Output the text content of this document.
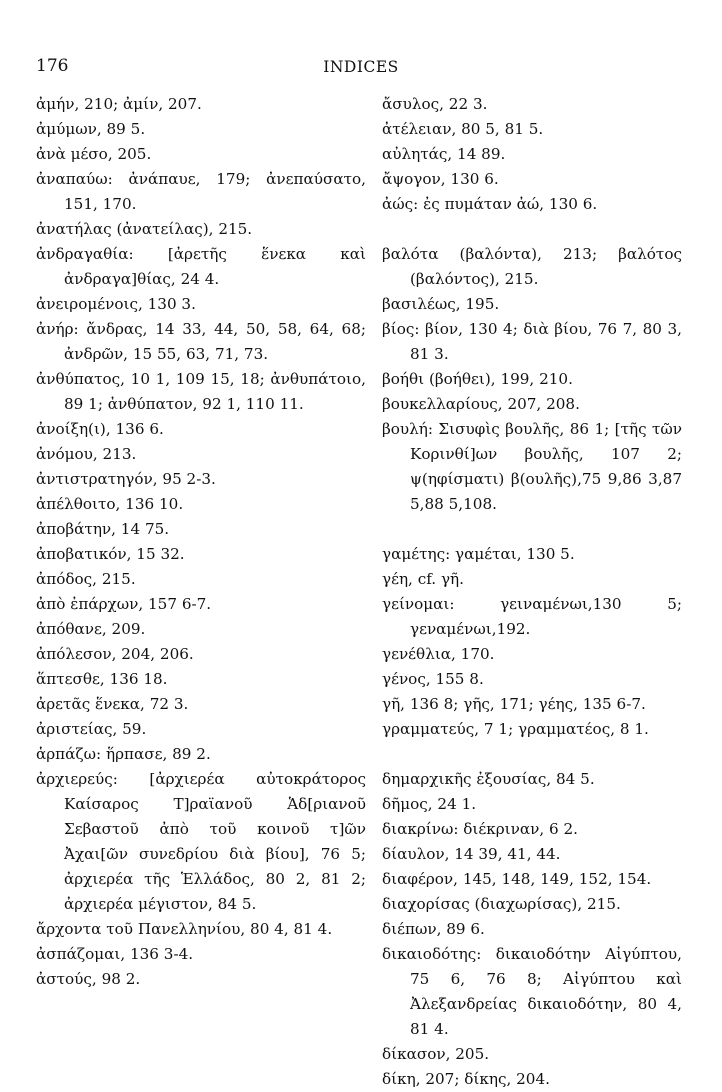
176	INDICES

ἀμήν, 210; ἀμίν, 207.

ἀμύμων, 89 5.

ἀνὰ μέσο, 205.

ἀναπαύω: ἀνάπαυε, 179; ἀνεπαύσατο, 151, 170.

ἀνατήλας (ἀνατείλας), 215.

ἀνδραγαθία: [ἀρετῆς ἕνεκα καὶ ἀνδραγα]θίας, 24 4.

ἀνειρομένοις, 130 3.

ἀνήρ: ἄνδρας, 14 33, 44, 50, 58, 64, 68; ἀνδρῶν, 15 55, 63, 71, 73.

ἀνθύπατος, 10 1, 109 15, 18; ἀνθυπάτοιο, 89 1; ἀνθύπατον, 92 1, 110 11.

ἀνοίξη(ι), 136 6.

ἀνόμου, 213.

ἀντιστρατηγόν, 95 2-3.

ἀπέλθοιτο, 136 10.

ἀποβάτην, 14 75.

ἀποβατικόν, 15 32.

ἀπόδος, 215.

ἀπὸ ἐπάρχων, 157 6-7.

ἀπόθανε, 209.

ἀπόλεσον, 204, 206.

ἅπτεσθε, 136 18.

ἀρετᾶς ἕνεκα, 72 3.

ἀριστείας, 59.

ἁρπάζω: ἥρπασε, 89 2.

ἀρχιερεύς: [ἀρχιερέα αὐτοκράτορος Καίσαρος Τ]ραϊανοῦ Ἁδ[ριανοῦ Σεβαστοῦ ἀπὸ τοῦ κοινοῦ τ]ῶν Ἀχαι[ῶν συνεδρίου διὰ βίου], 76 5; ἀρχιερέα τῆς Ἑλλάδος, 80 2, 81 2; ἀρχιερέα μέγιστον, 84 5.

ἄρχοντα τοῦ Πανελληνίου, 80 4, 81 4.

ἀσπάζομαι, 136 3-4.

ἀστούς, 98 2.

ἄσυλος, 22 3.

ἀτέλειαν, 80 5, 81 5.

αὐλητάς, 14 89.

ἄψογον, 130 6.

ἀώς: ἐς πυμάταν ἀώ, 130 6.

βαλότα (βαλόντα), 213; βαλότος (βαλόντος), 215.

βασιλέως, 195.

βίος: βίον, 130 4; διὰ βίου, 76 7, 80 3, 81 3.

βοήθι (βοήθει), 199, 210.

βουκελλαρίους, 207, 208.

βουλή: Σισυφὶς βουλῆς, 86 1; [τῆς τῶν Κορινθί]ων βουλῆς, 107 2; ψ(ηφίσματι) β(ουλῆς),75 9,86 3,87 5,88 5,108.

γαμέτης: γαμέται, 130 5.

γέη, cf. γῆ.

γείνομαι: γειναμένωι,130 5; γεναμένωι,192.

γενέθλια, 170.

γένος, 155 8.

γῆ, 136 8; γῆς, 171; γέης, 135 6-7.

γραμματεύς, 7 1; γραμματέος, 8 1.

δημαρχικῆς ἐξουσίας, 84 5.

δῆμος, 24 1.

διακρίνω: διέκριναν, 6 2.

δίαυλον, 14 39, 41, 44.

διαφέρον, 145, 148, 149, 152, 154.

διαχορίσας (διαχωρίσας), 215.

διέπων, 89 6.

δικαιοδότης: δικαιοδότην Αἰγύπτου, 75 6, 76 8; Αἰγύπτου καὶ Ἀλεξανδρείας δικαιοδότην, 80 4, 81 4.

δίκασον, 205.

δίκη, 207; δίκης, 204.
